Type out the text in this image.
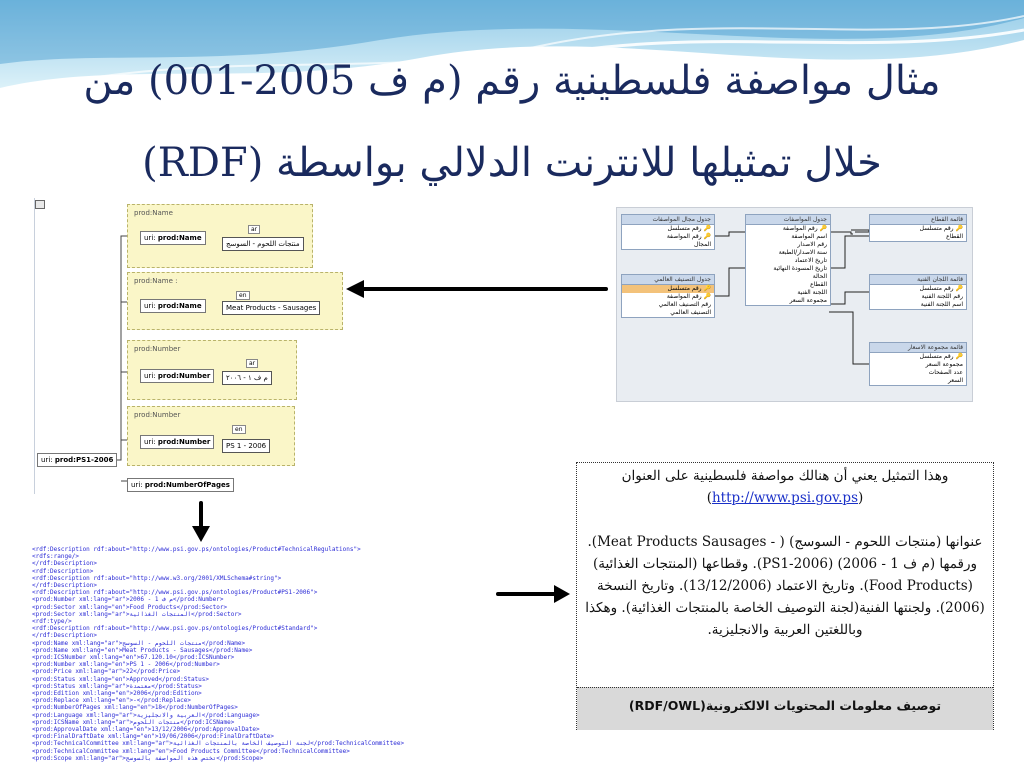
مثال مواصفة فلسطينية رقم (م ف 2005-001) من
خلال تمثيلها للانترنت الدلالي بواسطة (RDF)
prod:Name
uri: prod:Name
ar
منتجات اللحوم - السوسج
prod:Name :
uri: prod:Name
en
Meat Products - Sausages
prod:Number
uri: prod:Number
ar
م ف ١ - ٢٠٠٦
prod:Number
uri: prod:Number
en
PS 1 - 2006
uri: prod:PS1-2006
uri: prod:NumberOfPages
جدول مجال المواصفات
🔑 رقم متسلسل
🔑 رقم المواصفة
المجال
جدول التصنيف العالمي
🔑 رقم متسلسل
🔑 رقم المواصفة
رقم التصنيف العالمي
التصنيف العالمي
جدول المواصفات
🔑 رقم المواصفة
اسم المواصفة
رقم الاصدار
سنة الاصدار/الطبعة
تاريخ الاعتماد
تاريخ المسودة النهائية
الحالة
القطاع
اللجنة الفنية
مجموعة السعر
قائمة القطاع
🔑 رقم متسلسل
القطاع
قائمة اللجان الفنية
🔑 رقم متسلسل
رقم اللجنة الفنية
اسم اللجنة الفنية
قائمة مجموعة الاسعار
🔑 رقم متسلسل
مجموعة السعر
عدد الصفحات
السعر
<rdf:Description rdf:about="http://www.psi.gov.ps/ontologies/Product#TechnicalRegulations">
<rdfs:range/>
</rdf:Description>
<rdf:Description>
<rdf:Description rdf:about="http://www.w3.org/2001/XMLSchema#string">
</rdf:Description>
<rdf:Description rdf:about="http://www.psi.gov.ps/ontologies/Product#PS1-2006">
<prod:Number xml:lang="ar">م ف 1 - 2006</prod:Number>
<prod:Sector xml:lang="en">Food Products</prod:Sector>
<prod:Sector xml:lang="ar">المنتجات الغذائية</prod:Sector>
<rdf:type/>
<rdf:Description rdf:about="http://www.psi.gov.ps/ontologies/Product#Standard">
</rdf:Description>
<prod:Name xml:lang="ar">منتجات اللحوم - السوسج</prod:Name>
<prod:Name xml:lang="en">Meat Products - Sausages</prod:Name>
<prod:ICSNumber xml:lang="en">67.120.10</prod:ICSNumber>
<prod:Number xml:lang="en">PS 1 - 2006</prod:Number>
<prod:Price xml:lang="ar">22</prod:Price>
<prod:Status xml:lang="en">Approved</prod:Status>
<prod:Status xml:lang="ar">معتمدة</prod:Status>
<prod:Edition xml:lang="en">2006</prod:Edition>
<prod:Replace xml:lang="en">-</prod:Replace>
<prod:NumberOfPages xml:lang="en">18</prod:NumberOfPages>
<prod:Language xml:lang="ar">العربية والانجليزية</prod:Language>
<prod:ICSName xml:lang="ar">منتجات اللحوم</prod:ICSName>
<prod:ApprovalDate xml:lang="en">13/12/2006</prod:ApprovalDate>
<prod:FinalDraftDate xml:lang="en">19/06/2006</prod:FinalDraftDate>
<prod:TechnicalCommittee xml:lang="ar">لجنة التوصيف الخاصة بالمنتجات الغذائية</prod:TechnicalCommittee>
<prod:TechnicalCommittee xml:lang="en">Food Products Committee</prod:TechnicalCommittee>
<prod:Scope xml:lang="ar">تختص هذه المواصفة بالسوسج</prod:Scope>
وهذا التمثيل يعني أن هنالك مواصفة فلسطينية على العنوان
(http://www.psi.gov.ps)
عنوانها (منتجات اللحوم - السوسج) ( - Meat Products Sausages). ورقمها (م ف 1 - 2006) (PS1-2006). وقطاعها (المنتجات الغذائية) (Food Products). وتاريخ الاعتماد (13/12/2006). وتاريخ النسخة (2006). ولجنتها الفنية(لجنة التوصيف الخاصة بالمنتجات الغذائية). وهكذا وباللغتين العربية والانجليزية.
توصيف معلومات المحتويات الالكترونية(RDF/OWL)
